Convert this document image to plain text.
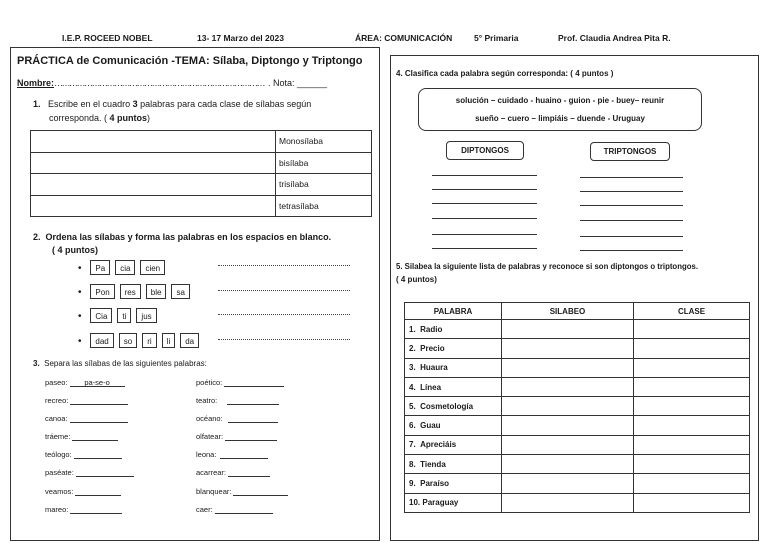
I.E.P. ROCEED NOBEL	13- 17 Marzo del 2023	ÁREA: COMUNICACIÓN	5° Primaria	Prof. Claudia Andrea Pita R.
PRÁCTICA de Comunicación -TEMA: Sílaba, Diptongo y Triptongo
Nombre:………………………………………………………………………… . Nota: ______
1. Escribe en el cuadro 3 palabras para cada clase de sílabas según
corresponda. ( 4 puntos)
	Monosílaba
	bisílaba
	trisílaba
	tetrasílaba
2. Ordena las sílabas y forma las palabras en los espacios en blanco.
( 4 puntos)
• Pa cia cien
• Pon res ble sa
• Cia ti jus
• dad so ri li da
3. Separa las sílabas de las siguientes palabras:
paseo:	pa-se-o
recreo:
canoa:
tráeme:
teólogo:
paséate:
veamos:
mareo:
poético:
teatro:
océano:
olfatear:
leona:
acarrear:
blanquear:
caer:
4. Clasifica cada palabra según corresponda: ( 4 puntos )
solución – cuidado - huaino - guion - pie - buey– reunir
sueño – cuero – limpiáis – duende - Uruguay
DIPTONGOS	TRIPTONGOS
5. Silabea la siguiente lista de palabras y reconoce si son diptongos o triptongos.
( 4 puntos)
PALABRA	SILABEO	CLASE
1. Radio		
2. Precio		
3. Huaura		
4. Línea		
5. Cosmetología		
6. Guau		
7. Apreciáis		
8. Tienda		
9. Paraíso		
10. Paraguay		
